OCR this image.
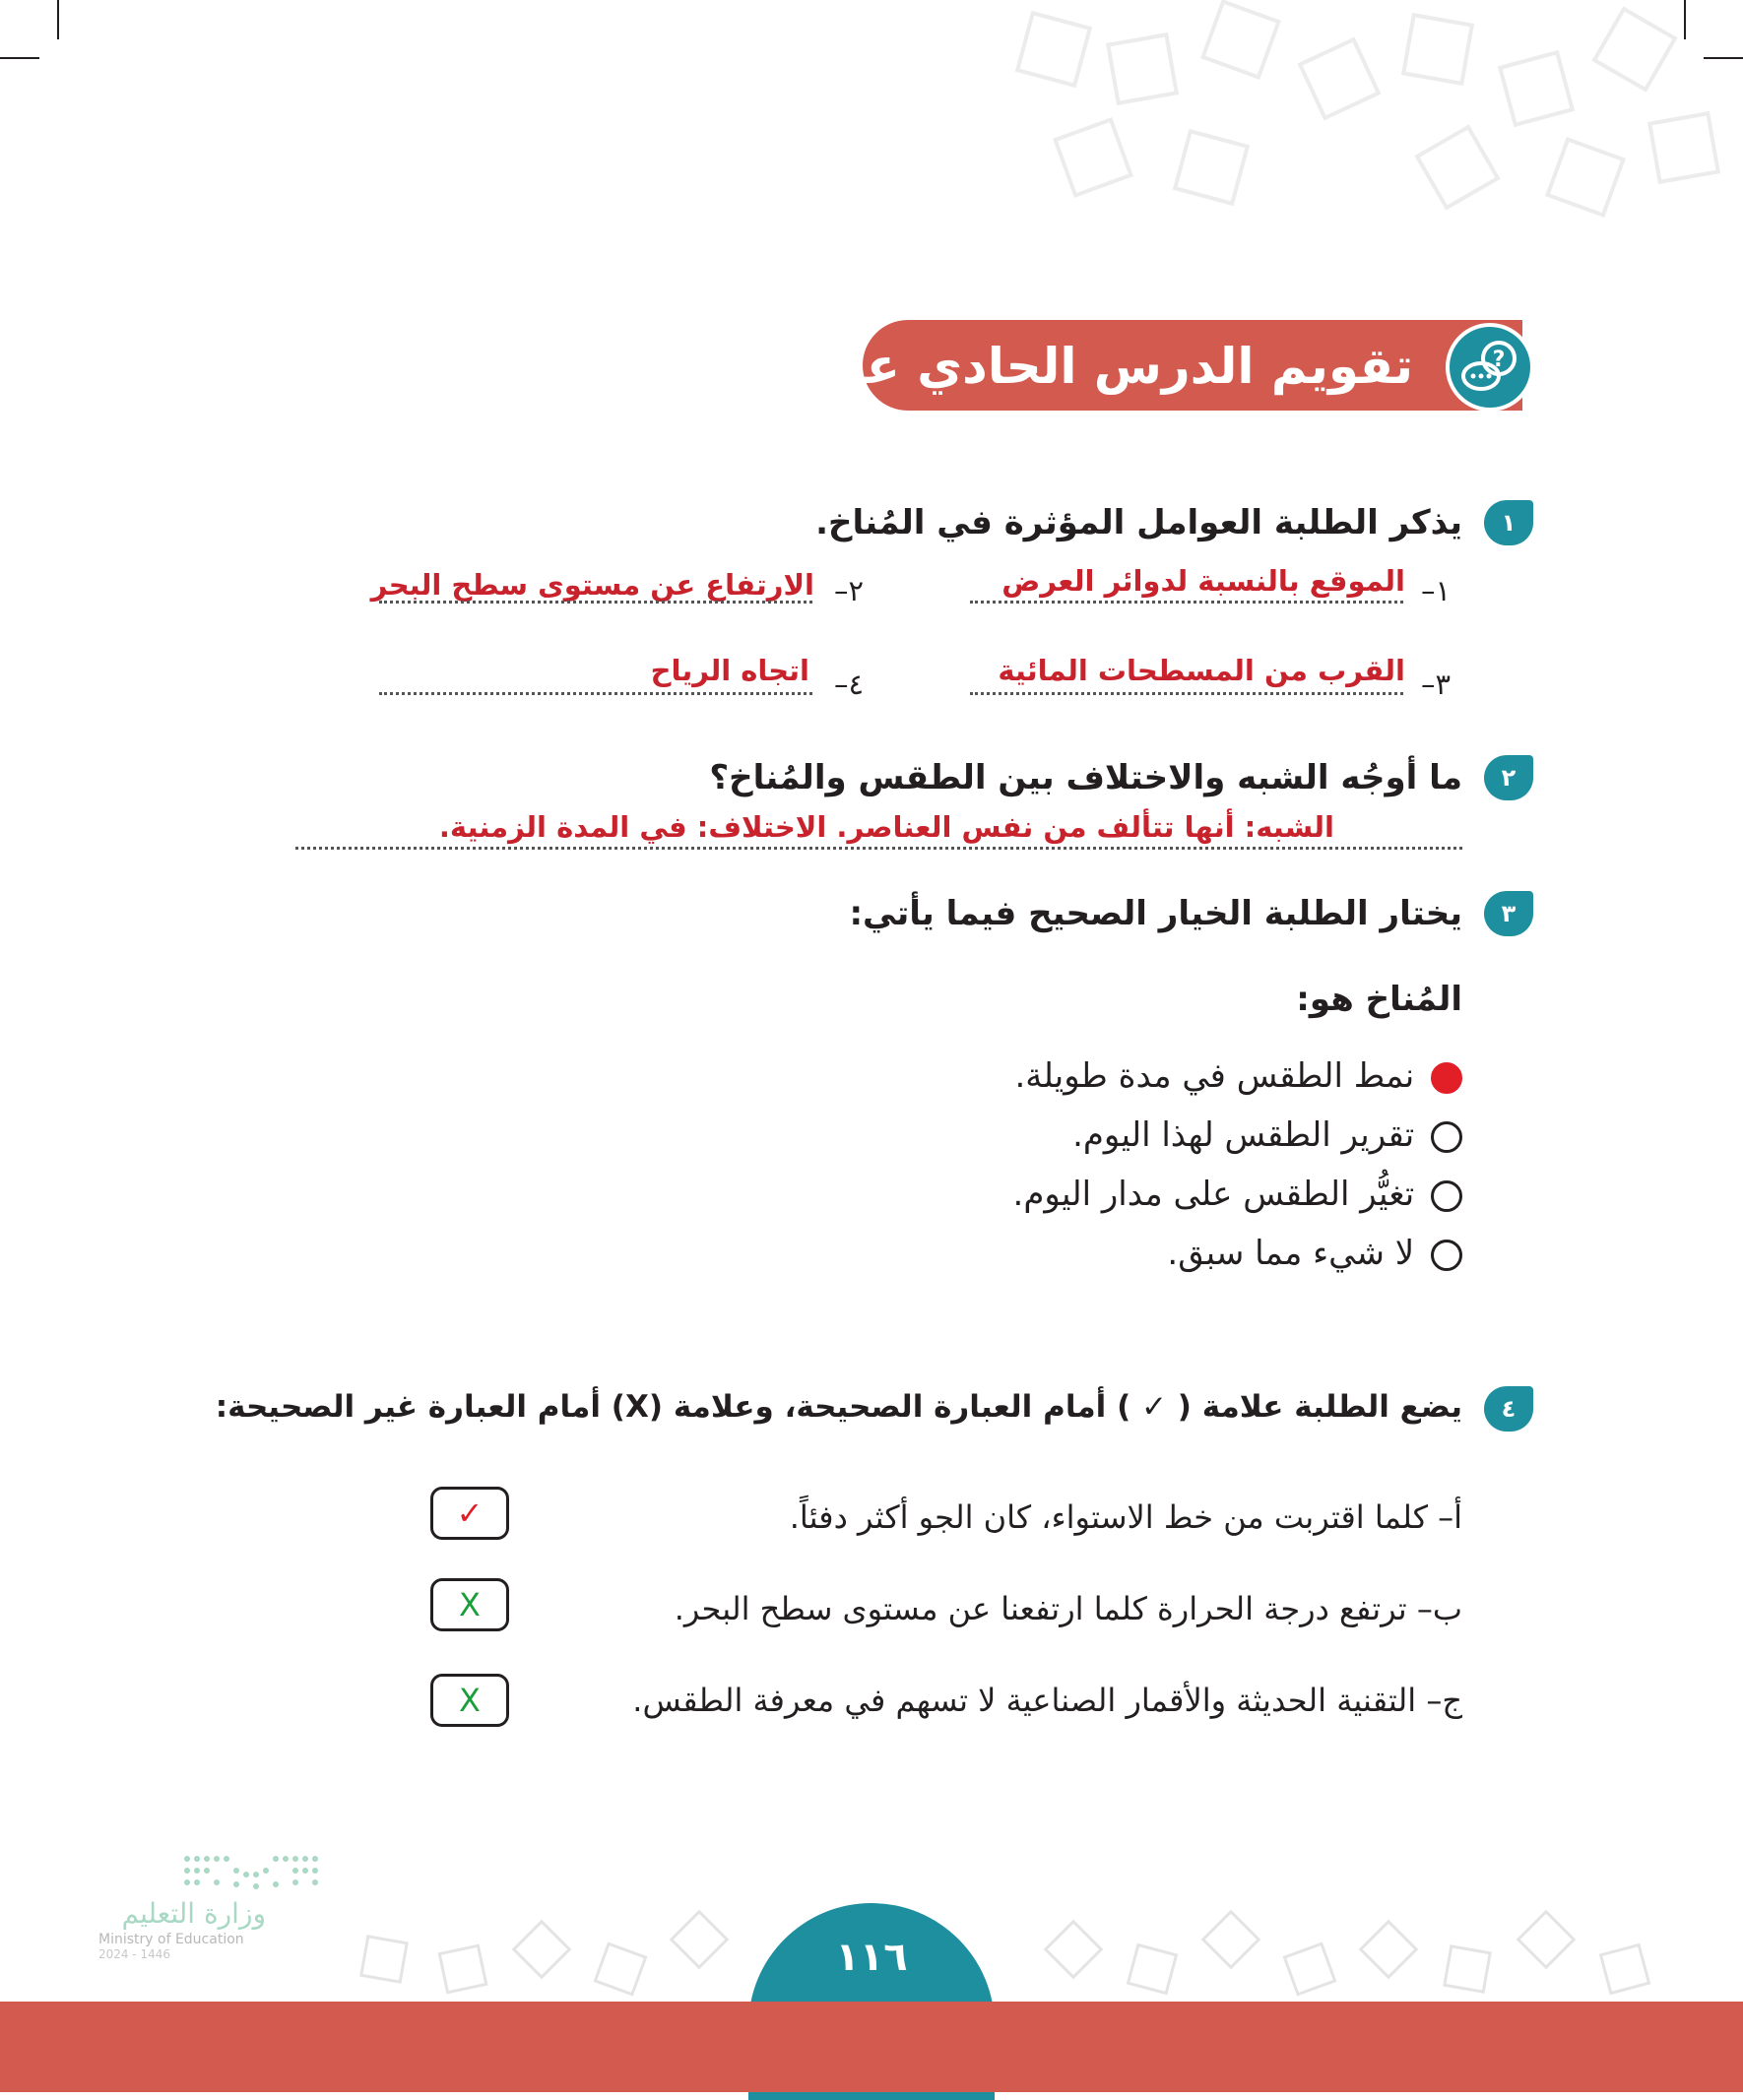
تقويم الدرس الحادي عشر	?
١
يذكر الطلبة العوامل المؤثرة في المُناخ.
١–
الموقع بالنسبة لدوائر العرض
٢–
الارتفاع عن مستوى سطح البحر
٣–
القرب من المسطحات المائية
٤–
اتجاه الرياح
٢
ما أوجُه الشبه والاختلاف بين الطقس والمُناخ؟
الشبه: أنها تتألف من نفس العناصر. الاختلاف: في المدة الزمنية.
٣
يختار الطلبة الخيار الصحيح فيما يأتي:
المُناخ هو:
نمط الطقس في مدة طويلة.
تقرير الطقس لهذا اليوم.
تغيُّر الطقس على مدار اليوم.
لا شيء مما سبق.
٤
يضع الطلبة علامة ( ✓ ) أمام العبارة الصحيحة، وعلامة (X) أمام العبارة غير الصحيحة:
أ– كلما اقتربت من خط الاستواء، كان الجو أكثر دفئاً.
✓
ب– ترتفع درجة الحرارة كلما ارتفعنا عن مستوى سطح البحر.
X
ج– التقنية الحديثة والأقمار الصناعية لا تسهم في معرفة الطقس.
X
١١٦
وزارة التعليم
Ministry of Education
2024 - 1446
